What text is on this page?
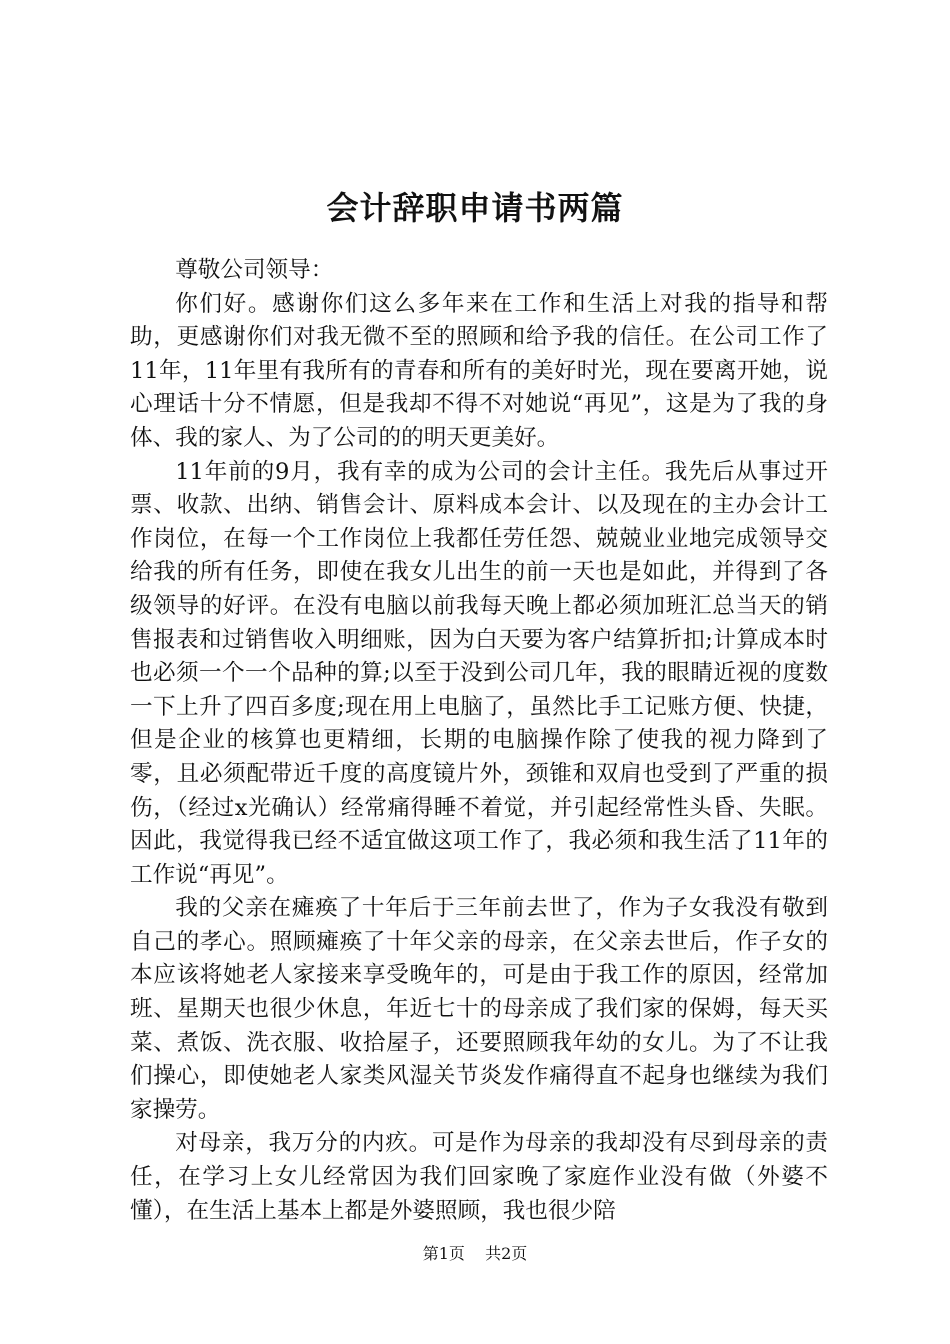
会计辞职申请书两篇

尊敬公司领导：

你们好。感谢你们这么多年来在工作和生活上对我的指导和帮助，更感谢你们对我无微不至的照顾和给予我的信任。在公司工作了11年，11年里有我所有的青春和所有的美好时光，现在要离开她，说心理话十分不情愿，但是我却不得不对她说“再见”，这是为了我的身体、我的家人、为了公司的的明天更美好。

11年前的9月，我有幸的成为公司的会计主任。我先后从事过开票、收款、出纳、销售会计、原料成本会计、以及现在的主办会计工作岗位，在每一个工作岗位上我都任劳任怨、兢兢业业地完成领导交给我的所有任务，即使在我女儿出生的前一天也是如此，并得到了各级领导的好评。在没有电脑以前我每天晚上都必须加班汇总当天的销售报表和过销售收入明细账，因为白天要为客户结算折扣;计算成本时也必须一个一个品种的算;以至于没到公司几年，我的眼睛近视的度数一下上升了四百多度;现在用上电脑了，虽然比手工记账方便、快捷，但是企业的核算也更精细，长期的电脑操作除了使我的视力降到了零，且必须配带近千度的高度镜片外，颈锥和双肩也受到了严重的损伤，（经过x光确认）经常痛得睡不着觉，并引起经常性头昏、失眠。因此，我觉得我已经不适宜做这项工作了，我必须和我生活了11年的工作说“再见”。

我的父亲在瘫痪了十年后于三年前去世了，作为子女我没有敬到自己的孝心。照顾瘫痪了十年父亲的母亲，在父亲去世后，作子女的本应该将她老人家接来享受晚年的，可是由于我工作的原因，经常加班、星期天也很少休息，年近七十的母亲成了我们家的保姆，每天买菜、煮饭、洗衣服、收拾屋子，还要照顾我年幼的女儿。为了不让我们操心，即使她老人家类风湿关节炎发作痛得直不起身也继续为我们家操劳。

对母亲，我万分的内疚。可是作为母亲的我却没有尽到母亲的责任，在学习上女儿经常因为我们回家晚了家庭作业没有做（外婆不懂），在生活上基本上都是外婆照顾，我也很少陪

第1页 共2页
